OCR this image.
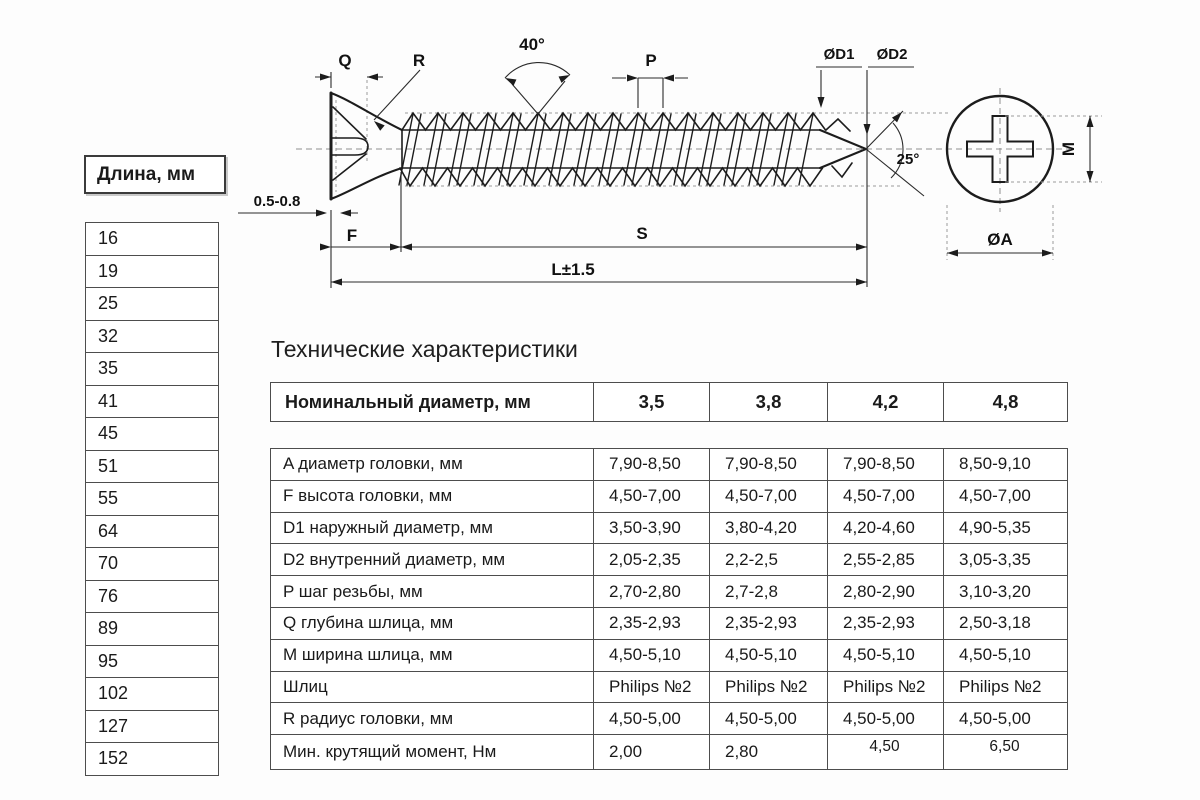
Q	R
40°
P	ØD1 ØD2
25°
M
ØA
0.5-0.8
F	S
L±1.5
Длина, мм
16
19
25
32
35
41
45
51
55
64
70
76
89
95
102
127
152
Технические характеристики
Номинальный диаметр, мм	3,5	3,8	4,2	4,8
A диаметр головки, мм	7,90-8,50	7,90-8,50	7,90-8,50	8,50-9,10
F высота головки, мм	4,50-7,00	4,50-7,00	4,50-7,00	4,50-7,00
D1 наружный диаметр, мм	3,50-3,90	3,80-4,20	4,20-4,60	4,90-5,35
D2 внутренний диаметр, мм	2,05-2,35	2,2-2,5	2,55-2,85	3,05-3,35
P шаг резьбы, мм	2,70-2,80	2,7-2,8	2,80-2,90	3,10-3,20
Q глубина шлица, мм	2,35-2,93	2,35-2,93	2,35-2,93	2,50-3,18
M ширина шлица, мм	4,50-5,10	4,50-5,10	4,50-5,10	4,50-5,10
Шлиц	Philips №2	Philips №2	Philips №2	Philips №2
R радиус головки, мм	4,50-5,00	4,50-5,00	4,50-5,00	4,50-5,00
Мин. крутящий момент, Нм	2,00	2,80	4,50	6,50
